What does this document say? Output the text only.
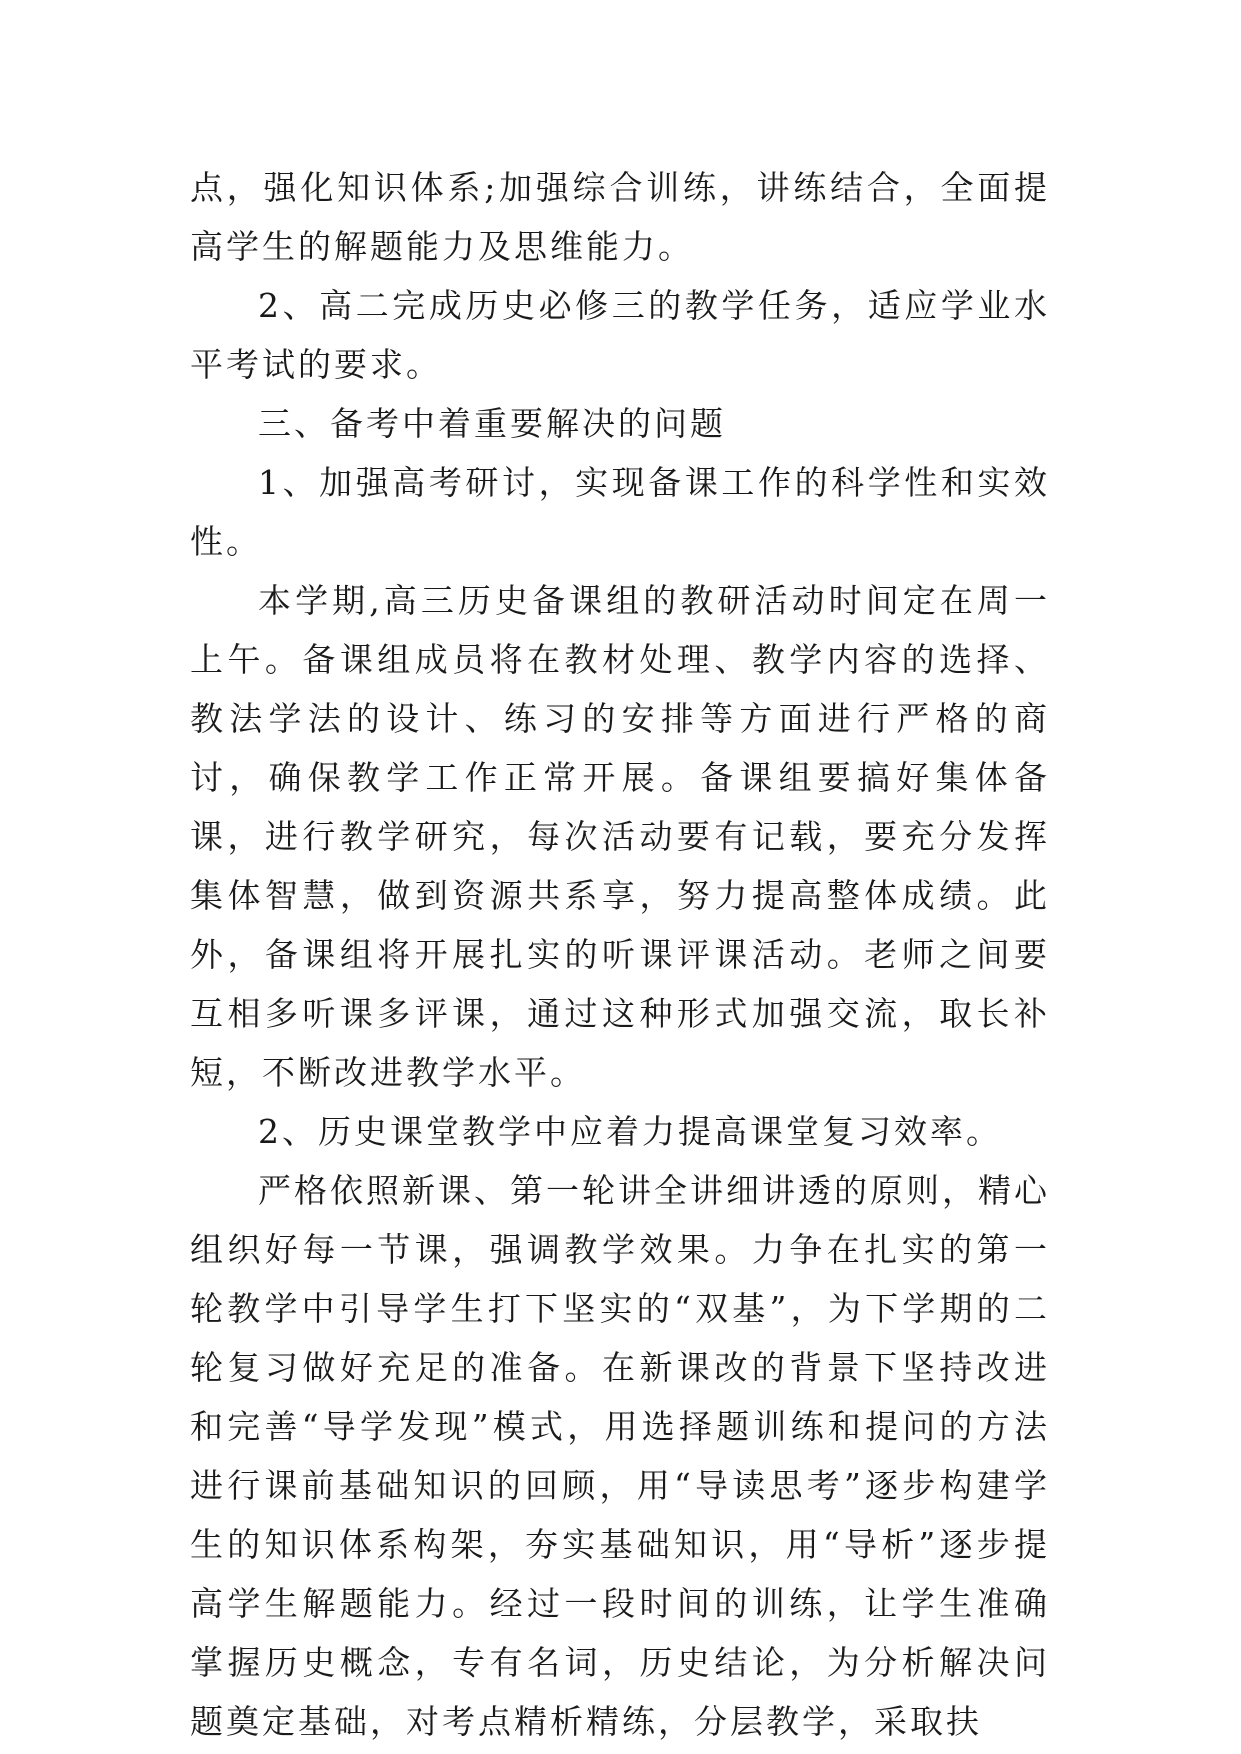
点，强化知识体系;加强综合训练，讲练结合，全面提高学生的解题能力及思维能力。

2、高二完成历史必修三的教学任务，适应学业水平考试的要求。

三、备考中着重要解决的问题

1、加强高考研讨，实现备课工作的科学性和实效性。

本学期,高三历史备课组的教研活动时间定在周一上午。备课组成员将在教材处理、教学内容的选择、教法学法的设计、练习的安排等方面进行严格的商讨，确保教学工作正常开展。备课组要搞好集体备课，进行教学研究，每次活动要有记载，要充分发挥集体智慧，做到资源共系享，努力提高整体成绩。此外，备课组将开展扎实的听课评课活动。老师之间要互相多听课多评课，通过这种形式加强交流，取长补短，不断改进教学水平。

2、历史课堂教学中应着力提高课堂复习效率。

严格依照新课、第一轮讲全讲细讲透的原则，精心组织好每一节课，强调教学效果。力争在扎实的第一轮教学中引导学生打下坚实的“双基”，为下学期的二轮复习做好充足的准备。在新课改的背景下坚持改进和完善“导学发现”模式，用选择题训练和提问的方法进行课前基础知识的回顾，用“导读思考”逐步构建学生的知识体系构架，夯实基础知识，用“导析”逐步提高学生解题能力。经过一段时间的训练，让学生准确掌握历史概念，专有名词，历史结论，为分析解决问题奠定基础，对考点精析精练，分层教学，采取扶
